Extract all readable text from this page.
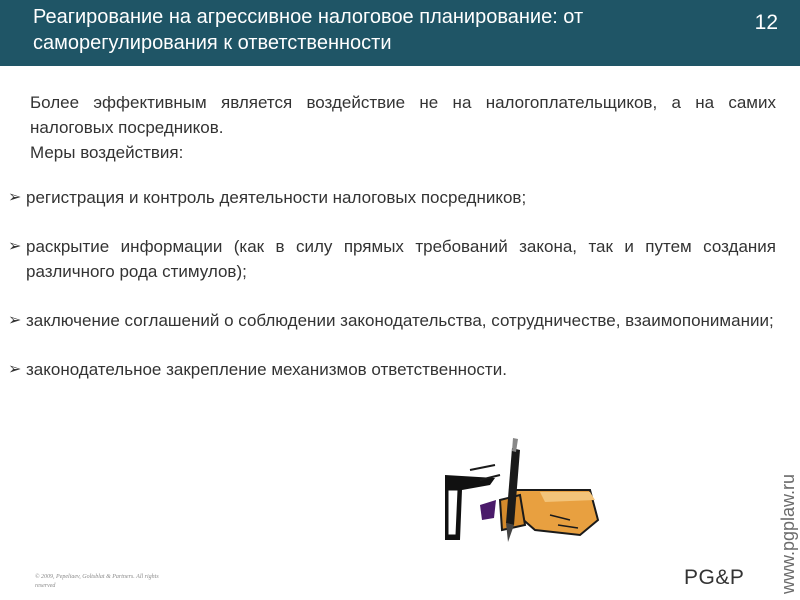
Реагирование на агрессивное налоговое планирование: от саморегулирования к ответственности
12

Более эффективным является воздействие не на налогоплательщиков, а на самих налоговых посредников.

Меры воздействия:

➢ регистрация и контроль деятельности налоговых посредников;
➢ раскрытие информации (как в силу прямых требований закона, так и путем создания различного рода стимулов);
➢ заключение соглашений о соблюдении законодательства, сотрудничестве, взаимопонимании;
➢ законодательное закрепление механизмов ответственности.
© 2009, Pepeliaev, Goltsblat & Partners. All rights reserved	PG&P www.pgplaw.ru
